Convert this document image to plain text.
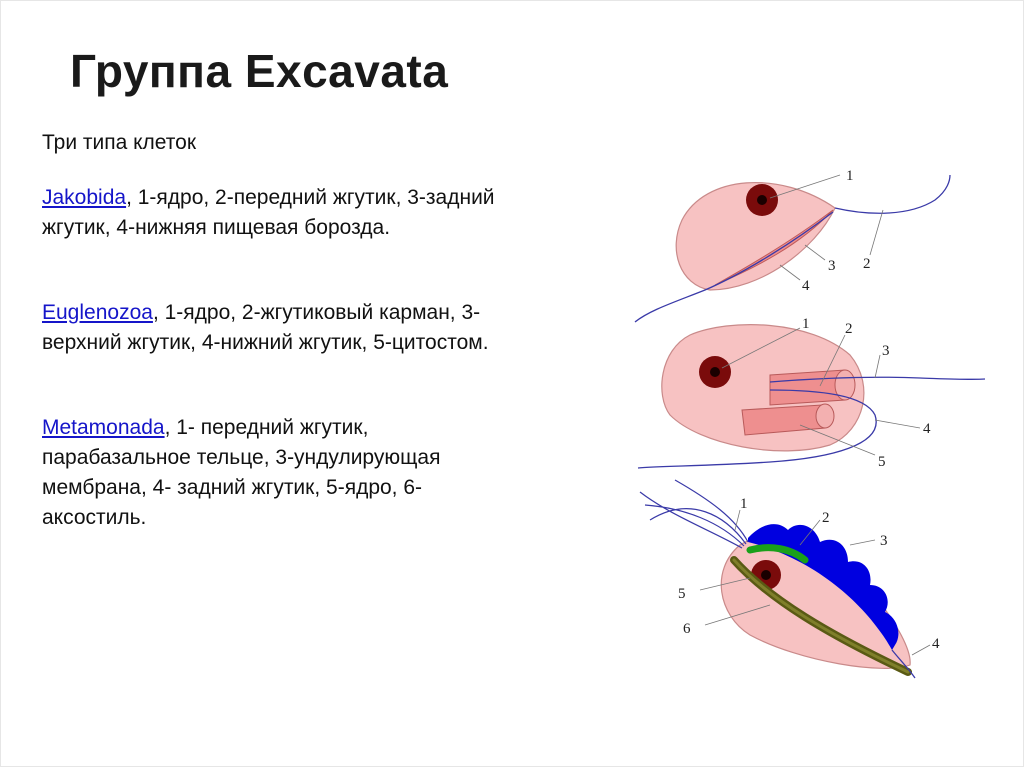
Группа Excavata

Три типа клеток

Jakobida, 1-ядро, 2-передний жгутик, 3-задний жгутик, 4-нижняя пищевая борозда.

Euglenozoa, 1-ядро, 2-жгутиковый карман, 3-верхний жгутик, 4-нижний жгутик, 5-цитостом.

Metamonada, 1- передний жгутик, парабазальное тельце, 3-ундулирующая мембрана, 4- задний жгутик, 5-ядро, 6-аксостиль.

1
2
3
4
1 2
3
4
5
1
2
3
4
5
6
